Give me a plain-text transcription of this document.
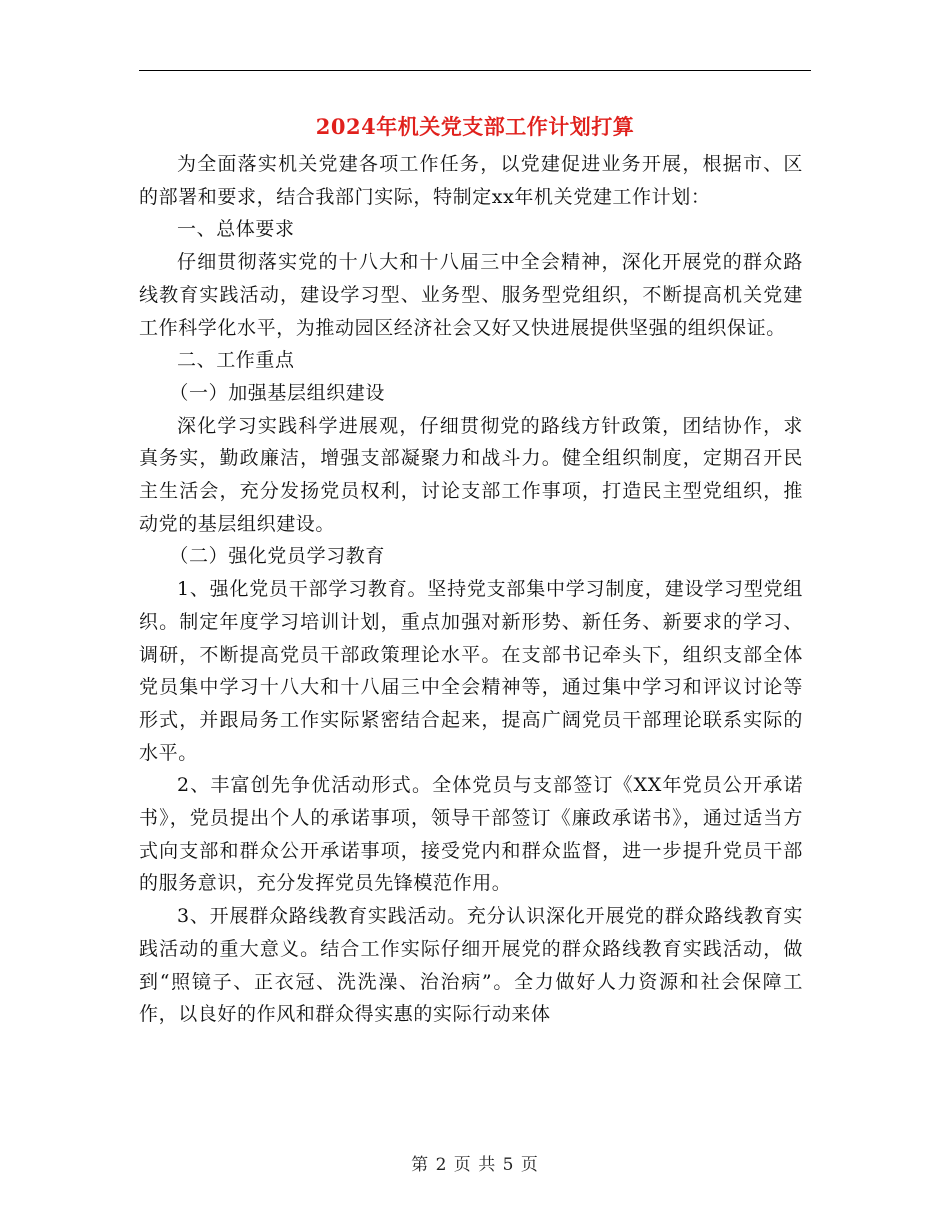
2024年机关党支部工作计划打算

为全面落实机关党建各项工作任务，以党建促进业务开展，根据市、区的部署和要求，结合我部门实际，特制定xx年机关党建工作计划：

一、总体要求

仔细贯彻落实党的十八大和十八届三中全会精神，深化开展党的群众路线教育实践活动，建设学习型、业务型、服务型党组织，不断提高机关党建工作科学化水平，为推动园区经济社会又好又快进展提供坚强的组织保证。

二、工作重点

（一）加强基层组织建设

深化学习实践科学进展观，仔细贯彻党的路线方针政策，团结协作，求真务实，勤政廉洁，增强支部凝聚力和战斗力。健全组织制度，定期召开民主生活会，充分发扬党员权利，讨论支部工作事项，打造民主型党组织，推动党的基层组织建设。

（二）强化党员学习教育

1、强化党员干部学习教育。坚持党支部集中学习制度，建设学习型党组织。制定年度学习培训计划，重点加强对新形势、新任务、新要求的学习、调研，不断提高党员干部政策理论水平。在支部书记牵头下，组织支部全体党员集中学习十八大和十八届三中全会精神等，通过集中学习和评议讨论等形式，并跟局务工作实际紧密结合起来，提高广阔党员干部理论联系实际的水平。

2、丰富创先争优活动形式。全体党员与支部签订《XX年党员公开承诺书》，党员提出个人的承诺事项，领导干部签订《廉政承诺书》，通过适当方式向支部和群众公开承诺事项，接受党内和群众监督，进一步提升党员干部的服务意识，充分发挥党员先锋模范作用。

3、开展群众路线教育实践活动。充分认识深化开展党的群众路线教育实践活动的重大意义。结合工作实际仔细开展党的群众路线教育实践活动，做到“照镜子、正衣冠、洗洗澡、治治病”。全力做好人力资源和社会保障工作，以良好的作风和群众得实惠的实际行动来体

第 2 页 共 5 页
